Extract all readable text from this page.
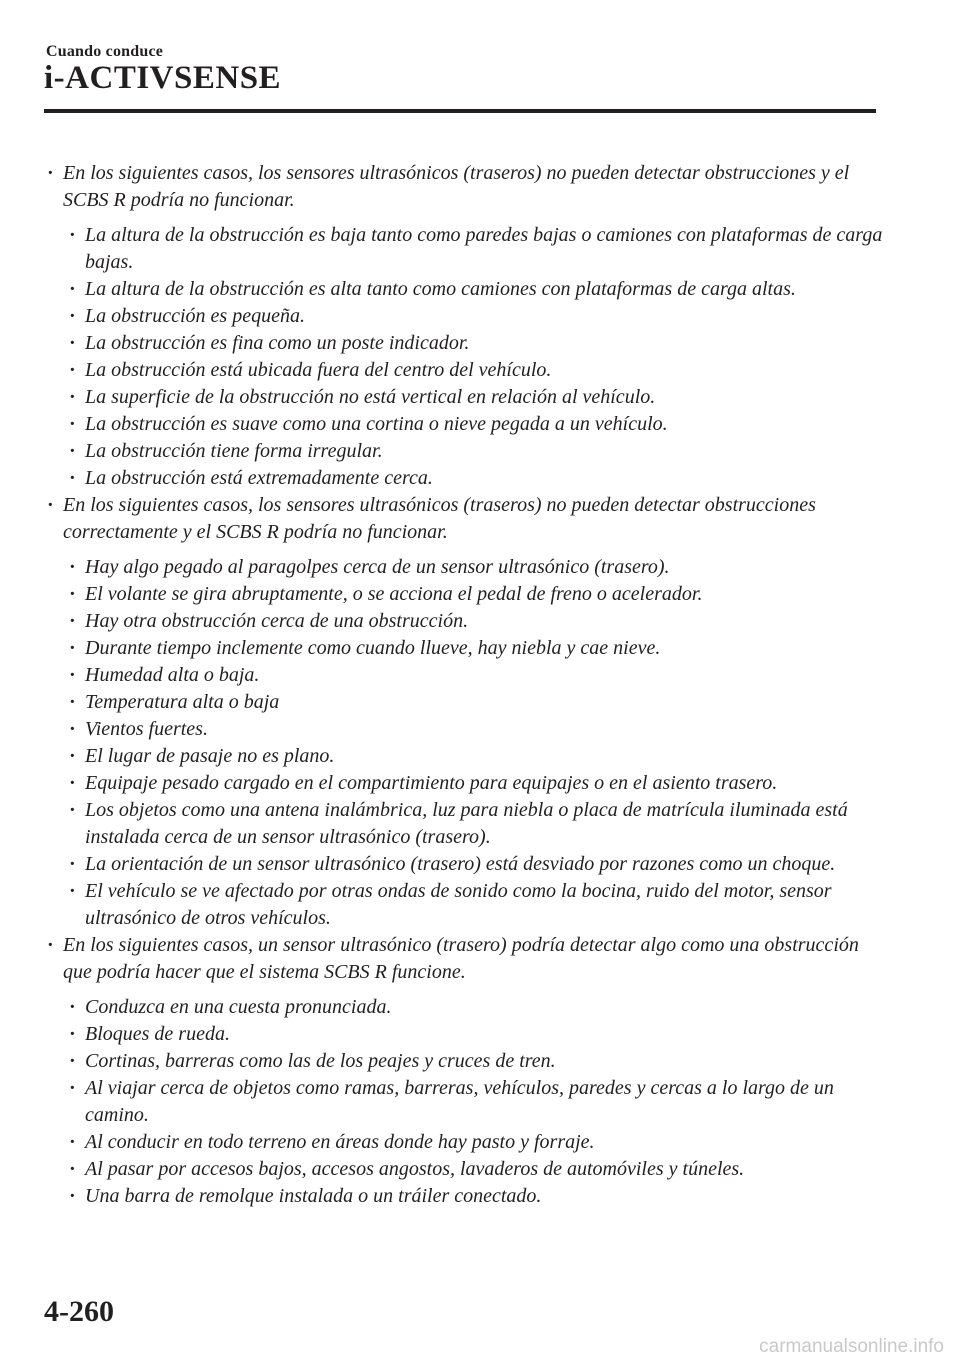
Cuando conduce
i-ACTIVSENSE
· En los siguientes casos, los sensores ultrasónicos (traseros) no pueden detectar obstrucciones y el SCBS R podría no funcionar.
· La altura de la obstrucción es baja tanto como paredes bajas o camiones con plataformas de carga bajas.
· La altura de la obstrucción es alta tanto como camiones con plataformas de carga altas.
· La obstrucción es pequeña.
· La obstrucción es fina como un poste indicador.
· La obstrucción está ubicada fuera del centro del vehículo.
· La superficie de la obstrucción no está vertical en relación al vehículo.
· La obstrucción es suave como una cortina o nieve pegada a un vehículo.
· La obstrucción tiene forma irregular.
· La obstrucción está extremadamente cerca.
· En los siguientes casos, los sensores ultrasónicos (traseros) no pueden detectar obstrucciones correctamente y el SCBS R podría no funcionar.
· Hay algo pegado al paragolpes cerca de un sensor ultrasónico (trasero).
· El volante se gira abruptamente, o se acciona el pedal de freno o acelerador.
· Hay otra obstrucción cerca de una obstrucción.
· Durante tiempo inclemente como cuando llueve, hay niebla y cae nieve.
· Humedad alta o baja.
· Temperatura alta o baja
· Vientos fuertes.
· El lugar de pasaje no es plano.
· Equipaje pesado cargado en el compartimiento para equipajes o en el asiento trasero.
· Los objetos como una antena inalámbrica, luz para niebla o placa de matrícula iluminada está instalada cerca de un sensor ultrasónico (trasero).
· La orientación de un sensor ultrasónico (trasero) está desviado por razones como un choque.
· El vehículo se ve afectado por otras ondas de sonido como la bocina, ruido del motor, sensor ultrasónico de otros vehículos.
· En los siguientes casos, un sensor ultrasónico (trasero) podría detectar algo como una obstrucción que podría hacer que el sistema SCBS R funcione.
· Conduzca en una cuesta pronunciada.
· Bloques de rueda.
· Cortinas, barreras como las de los peajes y cruces de tren.
· Al viajar cerca de objetos como ramas, barreras, vehículos, paredes y cercas a lo largo de un camino.
· Al conducir en todo terreno en áreas donde hay pasto y forraje.
· Al pasar por accesos bajos, accesos angostos, lavaderos de automóviles y túneles.
· Una barra de remolque instalada o un tráiler conectado.
4-260
carmanualsonline.info
